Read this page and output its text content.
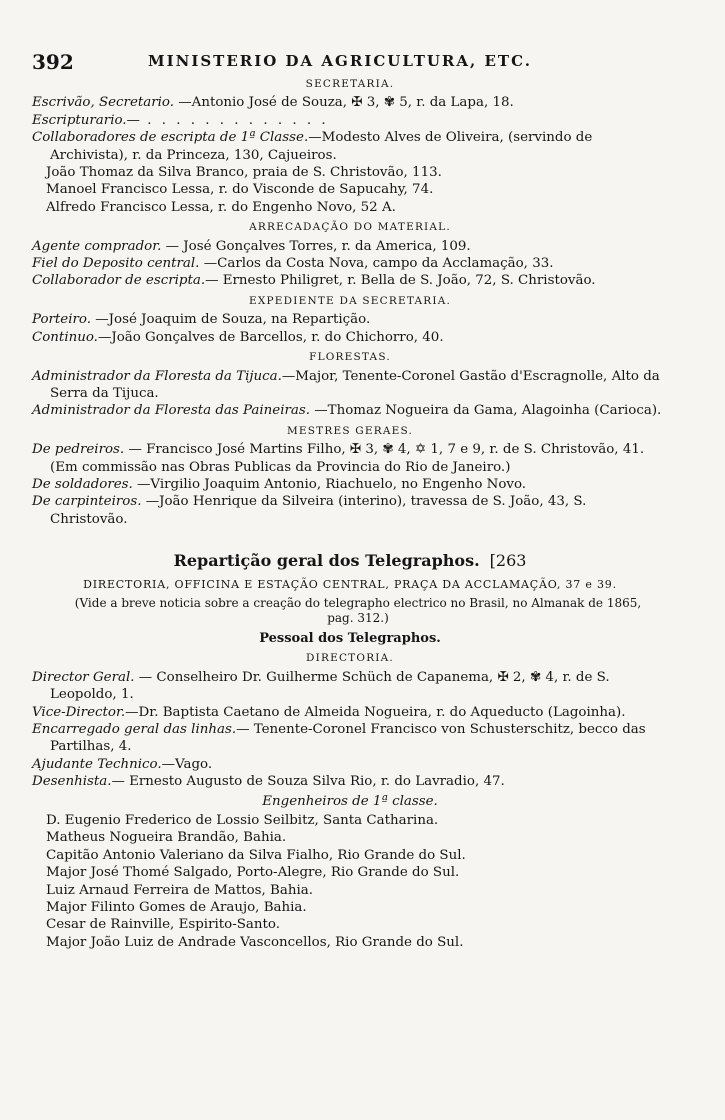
392	MINISTERIO DA AGRICULTURA, ETC.
SECRETARIA.

Escrivão, Secretario. —Antonio José de Souza, ✠ 3, ✾ 5, r. da Lapa, 18.

Escripturario.— . . . . . . . . . . . . .

Collaboradores de escripta de 1ª Classe.—Modesto Alves de Oliveira, (servindo de Archivista), r. da Princeza, 130, Cajueiros.

João Thomaz da Silva Branco, praia de S. Christovão, 113.

Manoel Francisco Lessa, r. do Visconde de Sapucahy, 74.

Alfredo Francisco Lessa, r. do Engenho Novo, 52 A.

ARRECADAÇÃO DO MATERIAL.

Agente comprador. — José Gonçalves Torres, r. da America, 109.

Fiel do Deposito central. —Carlos da Costa Nova, campo da Acclamação, 33.

Collaborador de escripta.— Ernesto Philigret, r. Bella de S. João, 72, S. Christovão.

EXPEDIENTE DA SECRETARIA.

Porteiro. —José Joaquim de Souza, na Repartição.

Continuo.—João Gonçalves de Barcellos, r. do Chichorro, 40.

FLORESTAS.

Administrador da Floresta da Tijuca.—Major, Tenente-Coronel Gastão d'Escragnolle, Alto da Serra da Tijuca.

Administrador da Floresta das Paineiras. —Thomaz Nogueira da Gama, Alagoinha (Carioca).

MESTRES GERAES.

De pedreiros. — Francisco José Martins Filho, ✠ 3, ✾ 4, ✡ 1, 7 e 9, r. de S. Christovão, 41. (Em commissão nas Obras Publicas da Provincia do Rio de Janeiro.)

De soldadores. —Virgilio Joaquim Antonio, Riachuelo, no Engenho Novo.

De carpinteiros. —João Henrique da Silveira (interino), travessa de S. João, 43, S. Christovão.

Repartição geral dos Telegraphos. [263
DIRECTORIA, OFFICINA E ESTAÇÃO CENTRAL, PRAÇA DA ACCLAMAÇÃO, 37 e 39.
(Vide a breve noticia sobre a creação do telegrapho electrico no Brasil, no Almanak de 1865, pag. 312.)
Pessoal dos Telegraphos.
DIRECTORIA.

Director Geral. — Conselheiro Dr. Guilherme Schüch de Capanema, ✠ 2, ✾ 4, r. de S. Leopoldo, 1.

Vice-Director.—Dr. Baptista Caetano de Almeida Nogueira, r. do Aqueducto (Lagoinha).

Encarregado geral das linhas.— Tenente-Coronel Francisco von Schusterschitz, becco das Partilhas, 4.

Ajudante Technico.—Vago.

Desenhista.— Ernesto Augusto de Souza Silva Rio, r. do Lavradio, 47.

Engenheiros de 1ª classe.

D. Eugenio Frederico de Lossio Seilbitz, Santa Catharina.

Matheus Nogueira Brandão, Bahia.

Capitão Antonio Valeriano da Silva Fialho, Rio Grande do Sul.

Major José Thomé Salgado, Porto-Alegre, Rio Grande do Sul.

Luiz Arnaud Ferreira de Mattos, Bahia.

Major Filinto Gomes de Araujo, Bahia.

Cesar de Rainville, Espirito-Santo.

Major João Luiz de Andrade Vasconcellos, Rio Grande do Sul.
